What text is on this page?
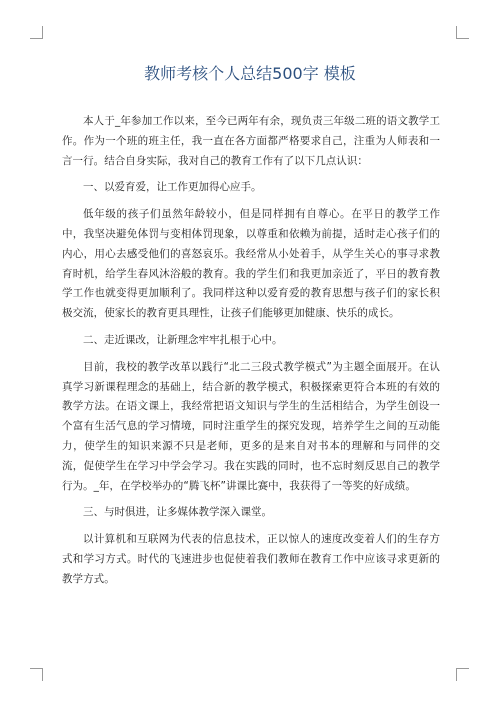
教师考核个人总结500字 模板

本人于_年参加工作以来，至今已两年有余，现负责三年级二班的语文教学工作。作为一个班的班主任，我一直在各方面都严格要求自己，注重为人师表和一言一行。结合自身实际，我对自己的教育工作有了以下几点认识：

一、以爱育爱，让工作更加得心应手。

低年级的孩子们虽然年龄较小，但是同样拥有自尊心。在平日的教学工作中，我坚决避免体罚与变相体罚现象，以尊重和依赖为前提，适时走心孩子们的内心，用心去感受他们的喜怒哀乐。我经常从小处着手，从学生关心的事寻求教育时机，给学生春风沐浴般的教育。我的学生们和我更加亲近了，平日的教育教学工作也就变得更加顺利了。我同样这种以爱育爱的教育思想与孩子们的家长积极交流，使家长的教育更具理性，让孩子们能够更加健康、快乐的成长。

二、走近课改，让新理念牢牢扎根于心中。

目前，我校的教学改革以践行“北二三段式教学模式”为主题全面展开。在认真学习新课程理念的基础上，结合新的教学模式，积极探索更符合本班的有效的教学方法。在语文课上，我经常把语文知识与学生的生活相结合，为学生创设一个富有生活气息的学习情境，同时注重学生的探究发现，培养学生之间的互动能力，使学生的知识来源不只是老师，更多的是来自对书本的理解和与同伴的交流，促使学生在学习中学会学习。我在实践的同时，也不忘时刻反思自己的教学行为。_年，在学校举办的“腾飞杯”讲课比赛中，我获得了一等奖的好成绩。

三、与时俱进，让多媒体教学深入课堂。

以计算机和互联网为代表的信息技术，正以惊人的速度改变着人们的生存方式和学习方式。时代的飞速进步也促使着我们教师在教育工作中应该寻求更新的教学方式。
